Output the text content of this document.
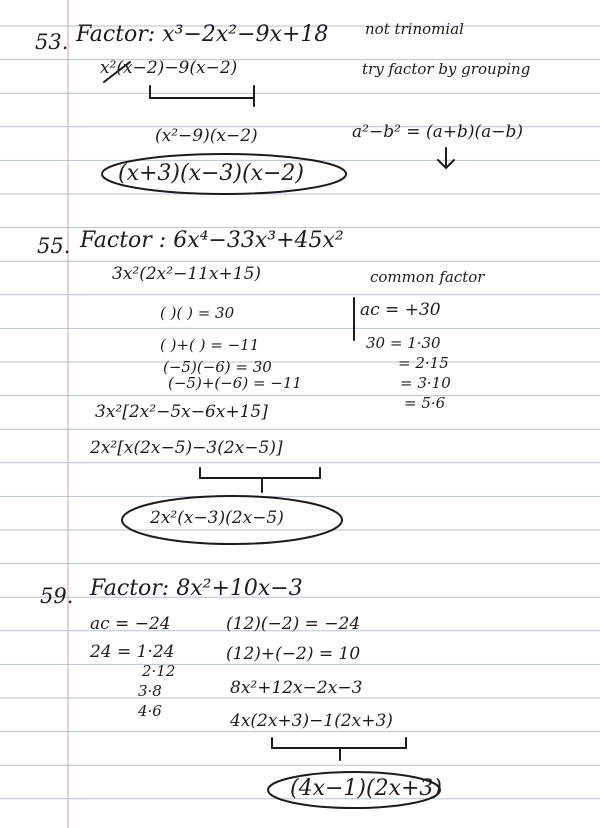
53. Factor: x³−2x²−9x+18 not trinomial
x²(x−2)−9(x−2)	try factor by grouping
(x²−9)(x−2)	a²−b² = (a+b)(a−b)
(x+3)(x−3)(x−2)
55. Factor : 6x⁴−33x³+45x²
3x²(2x²−11x+15)	common factor
( )( ) = 30
( )+( ) = −11
(−5)(−6) = 30
(−5)+(−6) = −11
ac = +30
30 = 1·30
= 2·15
= 3·10
= 5·6
3x²[2x²−5x−6x+15]
2x²[x(2x−5)−3(2x−5)]
2x²(x−3)(2x−5)
59. Factor: 8x²+10x−3
ac = −24
24 = 1·24
2·12
3·8
4·6
(12)(−2) = −24
(12)+(−2) = 10
8x²+12x−2x−3
4x(2x+3)−1(2x+3)
(4x−1)(2x+3)
